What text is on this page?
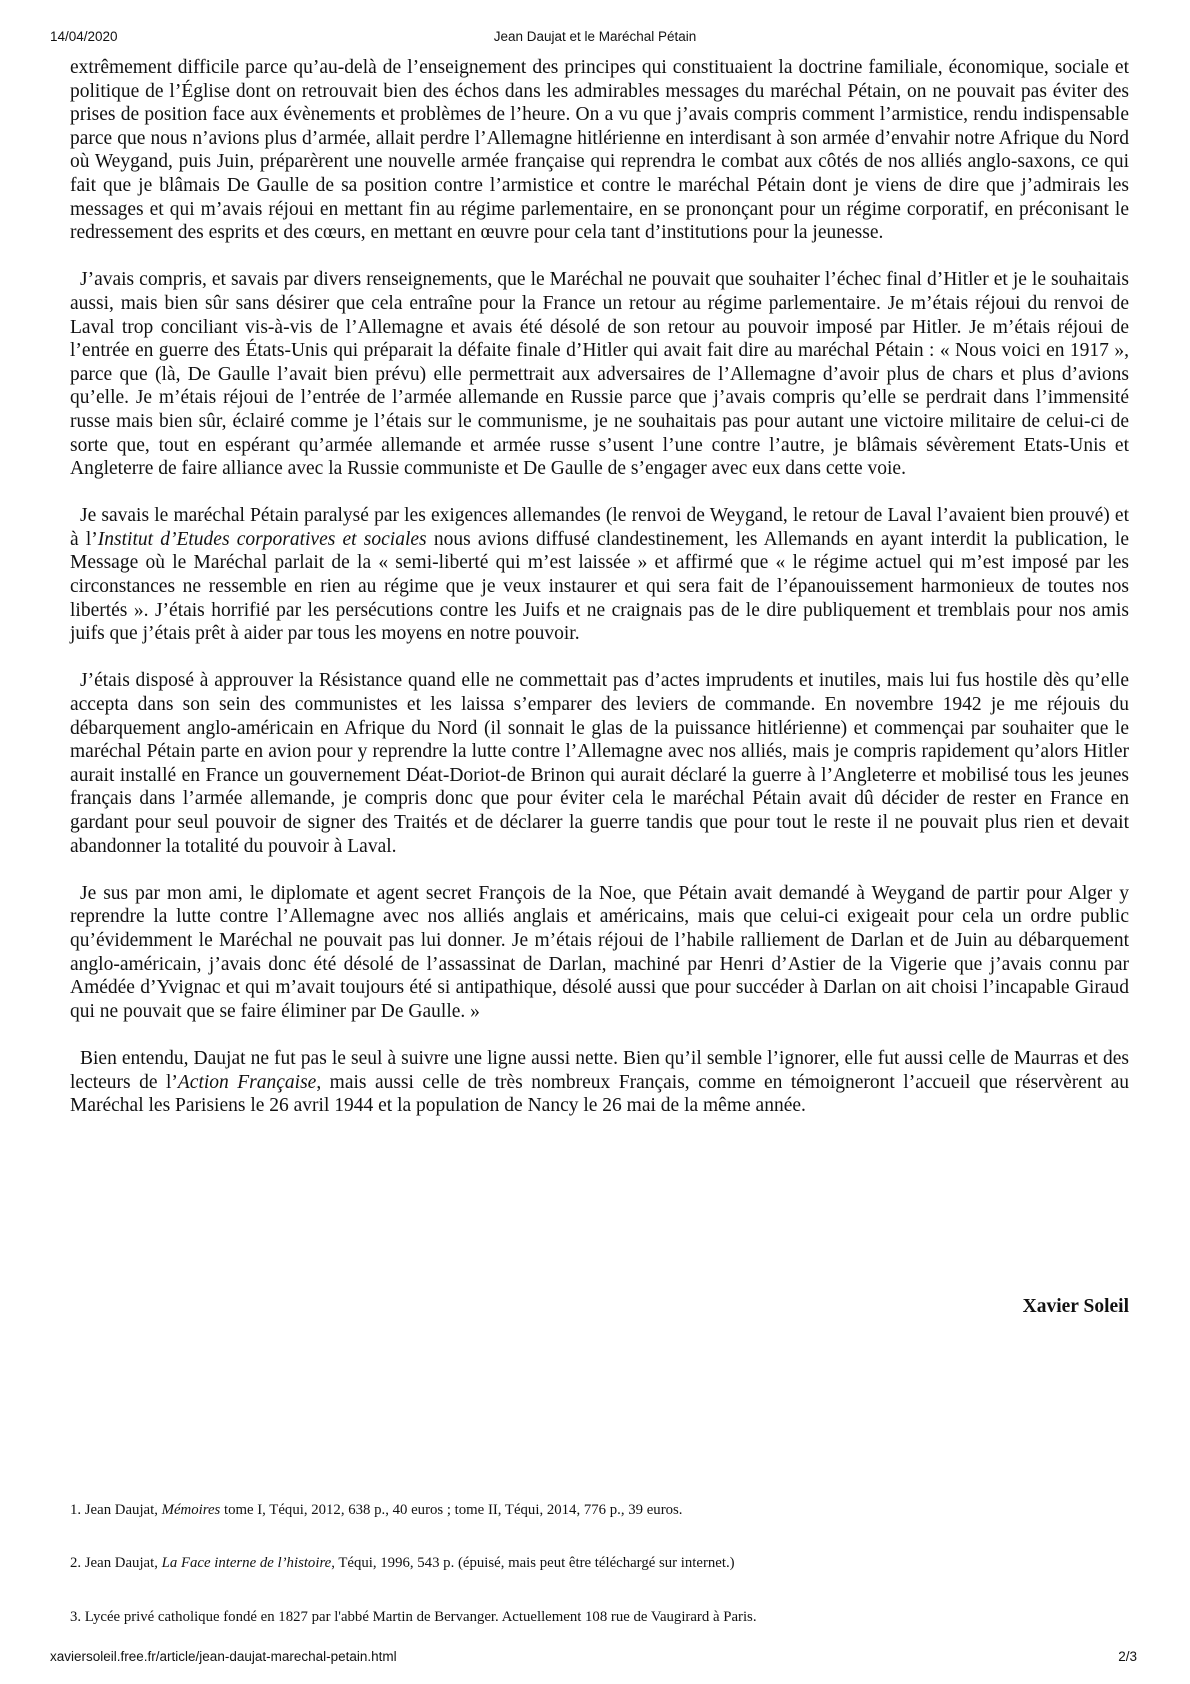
14/04/2020	Jean Daujat et le Maréchal Pétain

extrêmement difficile parce qu’au-delà de l’enseignement des principes qui constituaient la doctrine familiale, économique, sociale et politique de l’Église dont on retrouvait bien des échos dans les admirables messages du maréchal Pétain, on ne pouvait pas éviter des prises de position face aux évènements et problèmes de l’heure. On a vu que j’avais compris comment l’armistice, rendu indispensable parce que nous n’avions plus d’armée, allait perdre l’Allemagne hitlérienne en interdisant à son armée d’envahir notre Afrique du Nord où Weygand, puis Juin, préparèrent une nouvelle armée française qui reprendra le combat aux côtés de nos alliés anglo-saxons, ce qui fait que je blâmais De Gaulle de sa position contre l’armistice et contre le maréchal Pétain dont je viens de dire que j’admirais les messages et qui m’avais réjoui en mettant fin au régime parlementaire, en se prononçant pour un régime corporatif, en préconisant le redressement des esprits et des cœurs, en mettant en œuvre pour cela tant d’institutions pour la jeunesse.

J’avais compris, et savais par divers renseignements, que le Maréchal ne pouvait que souhaiter l’échec final d’Hitler et je le souhaitais aussi, mais bien sûr sans désirer que cela entraîne pour la France un retour au régime parlementaire. Je m’étais réjoui du renvoi de Laval trop conciliant vis-à-vis de l’Allemagne et avais été désolé de son retour au pouvoir imposé par Hitler. Je m’étais réjoui de l’entrée en guerre des États-Unis qui préparait la défaite finale d’Hitler qui avait fait dire au maréchal Pétain : « Nous voici en 1917 », parce que (là, De Gaulle l’avait bien prévu) elle permettrait aux adversaires de l’Allemagne d’avoir plus de chars et plus d’avions qu’elle. Je m’étais réjoui de l’entrée de l’armée allemande en Russie parce que j’avais compris qu’elle se perdrait dans l’immensité russe mais bien sûr, éclairé comme je l’étais sur le communisme, je ne souhaitais pas pour autant une victoire militaire de celui-ci de sorte que, tout en espérant qu’armée allemande et armée russe s’usent l’une contre l’autre, je blâmais sévèrement Etats-Unis et Angleterre de faire alliance avec la Russie communiste et De Gaulle de s’engager avec eux dans cette voie.

Je savais le maréchal Pétain paralysé par les exigences allemandes (le renvoi de Weygand, le retour de Laval l’avaient bien prouvé) et à l’Institut d’Etudes corporatives et sociales nous avions diffusé clandestinement, les Allemands en ayant interdit la publication, le Message où le Maréchal parlait de la « semi-liberté qui m’est laissée » et affirmé que « le régime actuel qui m’est imposé par les circonstances ne ressemble en rien au régime que je veux instaurer et qui sera fait de l’épanouissement harmonieux de toutes nos libertés ». J’étais horrifié par les persécutions contre les Juifs et ne craignais pas de le dire publiquement et tremblais pour nos amis juifs que j’étais prêt à aider par tous les moyens en notre pouvoir.

J’étais disposé à approuver la Résistance quand elle ne commettait pas d’actes imprudents et inutiles, mais lui fus hostile dès qu’elle accepta dans son sein des communistes et les laissa s’emparer des leviers de commande. En novembre 1942 je me réjouis du débarquement anglo-américain en Afrique du Nord (il sonnait le glas de la puissance hitlérienne) et commençai par souhaiter que le maréchal Pétain parte en avion pour y reprendre la lutte contre l’Allemagne avec nos alliés, mais je compris rapidement qu’alors Hitler aurait installé en France un gouvernement Déat-Doriot-de Brinon qui aurait déclaré la guerre à l’Angleterre et mobilisé tous les jeunes français dans l’armée allemande, je compris donc que pour éviter cela le maréchal Pétain avait dû décider de rester en France en gardant pour seul pouvoir de signer des Traités et de déclarer la guerre tandis que pour tout le reste il ne pouvait plus rien et devait abandonner la totalité du pouvoir à Laval.

Je sus par mon ami, le diplomate et agent secret François de la Noe, que Pétain avait demandé à Weygand de partir pour Alger y reprendre la lutte contre l’Allemagne avec nos alliés anglais et américains, mais que celui-ci exigeait pour cela un ordre public qu’évidemment le Maréchal ne pouvait pas lui donner. Je m’étais réjoui de l’habile ralliement de Darlan et de Juin au débarquement anglo-américain, j’avais donc été désolé de l’assassinat de Darlan, machiné par Henri d’Astier de la Vigerie que j’avais connu par Amédée d’Yvignac et qui m’avait toujours été si antipathique, désolé aussi que pour succéder à Darlan on ait choisi l’incapable Giraud qui ne pouvait que se faire éliminer par De Gaulle. »

Bien entendu, Daujat ne fut pas le seul à suivre une ligne aussi nette. Bien qu’il semble l’ignorer, elle fut aussi celle de Maurras et des lecteurs de l’Action Française, mais aussi celle de très nombreux Français, comme en témoigneront l’accueil que réservèrent au Maréchal les Parisiens le 26 avril 1944 et la population de Nancy le 26 mai de la même année.

Xavier Soleil
1. Jean Daujat, Mémoires tome I, Téqui, 2012, 638 p., 40 euros ; tome II, Téqui, 2014, 776 p., 39 euros.
2. Jean Daujat, La Face interne de l’histoire, Téqui, 1996, 543 p. (épuisé, mais peut être téléchargé sur internet.)
3. Lycée privé catholique fondé en 1827 par l'abbé Martin de Bervanger. Actuellement 108 rue de Vaugirard à Paris.
xaviersoleil.free.fr/article/jean-daujat-marechal-petain.html	2/3
